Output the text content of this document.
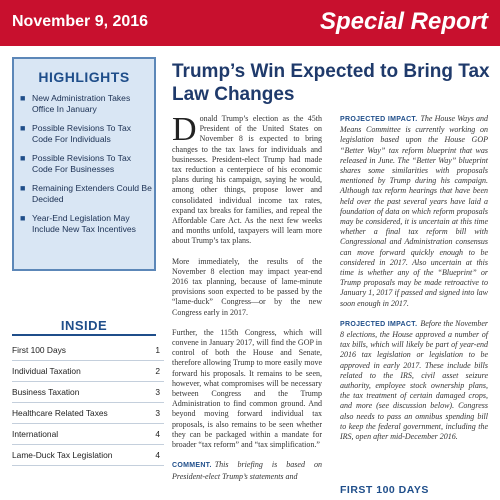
November 9, 2016	Special Report
HIGHLIGHTS
■ New Administration Takes Office In January
■ Possible Revisions To Tax Code For Individuals
■ Possible Revisions To Tax Code For Businesses
■ Remaining Extenders Could Be Decided
■ Year-End Legislation May Include New Tax Incentives
INSIDE
First 100 Days	1
Individual Taxation	2
Business Taxation	3
Healthcare Related Taxes	3
International	4
Lame-Duck Tax Legislation	4
Trump’s Win Expected to Bring Tax Law Changes

Donald Trump’s election as the 45th President of the United States on November 8 is expected to bring changes to the tax laws for individuals and businesses. President-elect Trump had made tax reduction a centerpiece of his economic plans during his campaign, saying he would, among other things, propose lower and consolidated individual income tax rates, expand tax breaks for families, and repeal the Affordable Care Act. As the next few weeks and months unfold, taxpayers will learn more about Trump’s tax plans.

More immediately, the results of the November 8 election may impact year-end 2016 tax planning, because of lame-minute provisions soon expected to be passed by the “lame-duck” Congress—or by the new Congress early in 2017.

Further, the 115th Congress, which will convene in January 2017, will find the GOP in control of both the House and Senate, therefore allowing Trump to more easily move forward his proposals. It remains to be seen, however, what compromises will be necessary between Congress and the Trump Administration to find common ground. And beyond moving forward individual tax proposals, is also remains to be seen whether they can be packaged within a mandate for broader “tax reform” and “tax simplification.”

COMMENT. This briefing is based on President-elect Trump’s statements and

PROJECTED IMPACT. The House Ways and Means Committee is currently working on legislation based upon the House GOP “Better Way” tax reform blueprint that was released in June. The “Better Way” blueprint shares some similarities with proposals mentioned by Trump during his campaign. Although tax reform hearings that have been held over the past several years have laid a foundation of data on which reform proposals may be considered, it is uncertain at this time whether a final tax reform bill with Congressional and Administration consensus can move forward quickly enough to be considered in 2017. Also uncertain at this time is whether any of the “Blueprint” or Trump proposals may be made retroactive to January 1, 2017 if passed and signed into law soon enough in 2017.

PROJECTED IMPACT. Before the November 8 elections, the House approved a number of tax bills, which will likely be part of year-end 2016 tax legislation or legislation to be approved in early 2017. These include bills related to the IRS, civil asset seizure authority, employee stock ownership plans, the tax treatment of certain damaged crops, and more (see discussion below). Congress also needs to pass an omnibus spending bill to keep the federal government, including the IRS, open after mid-December 2016.

FIRST 100 DAYS
